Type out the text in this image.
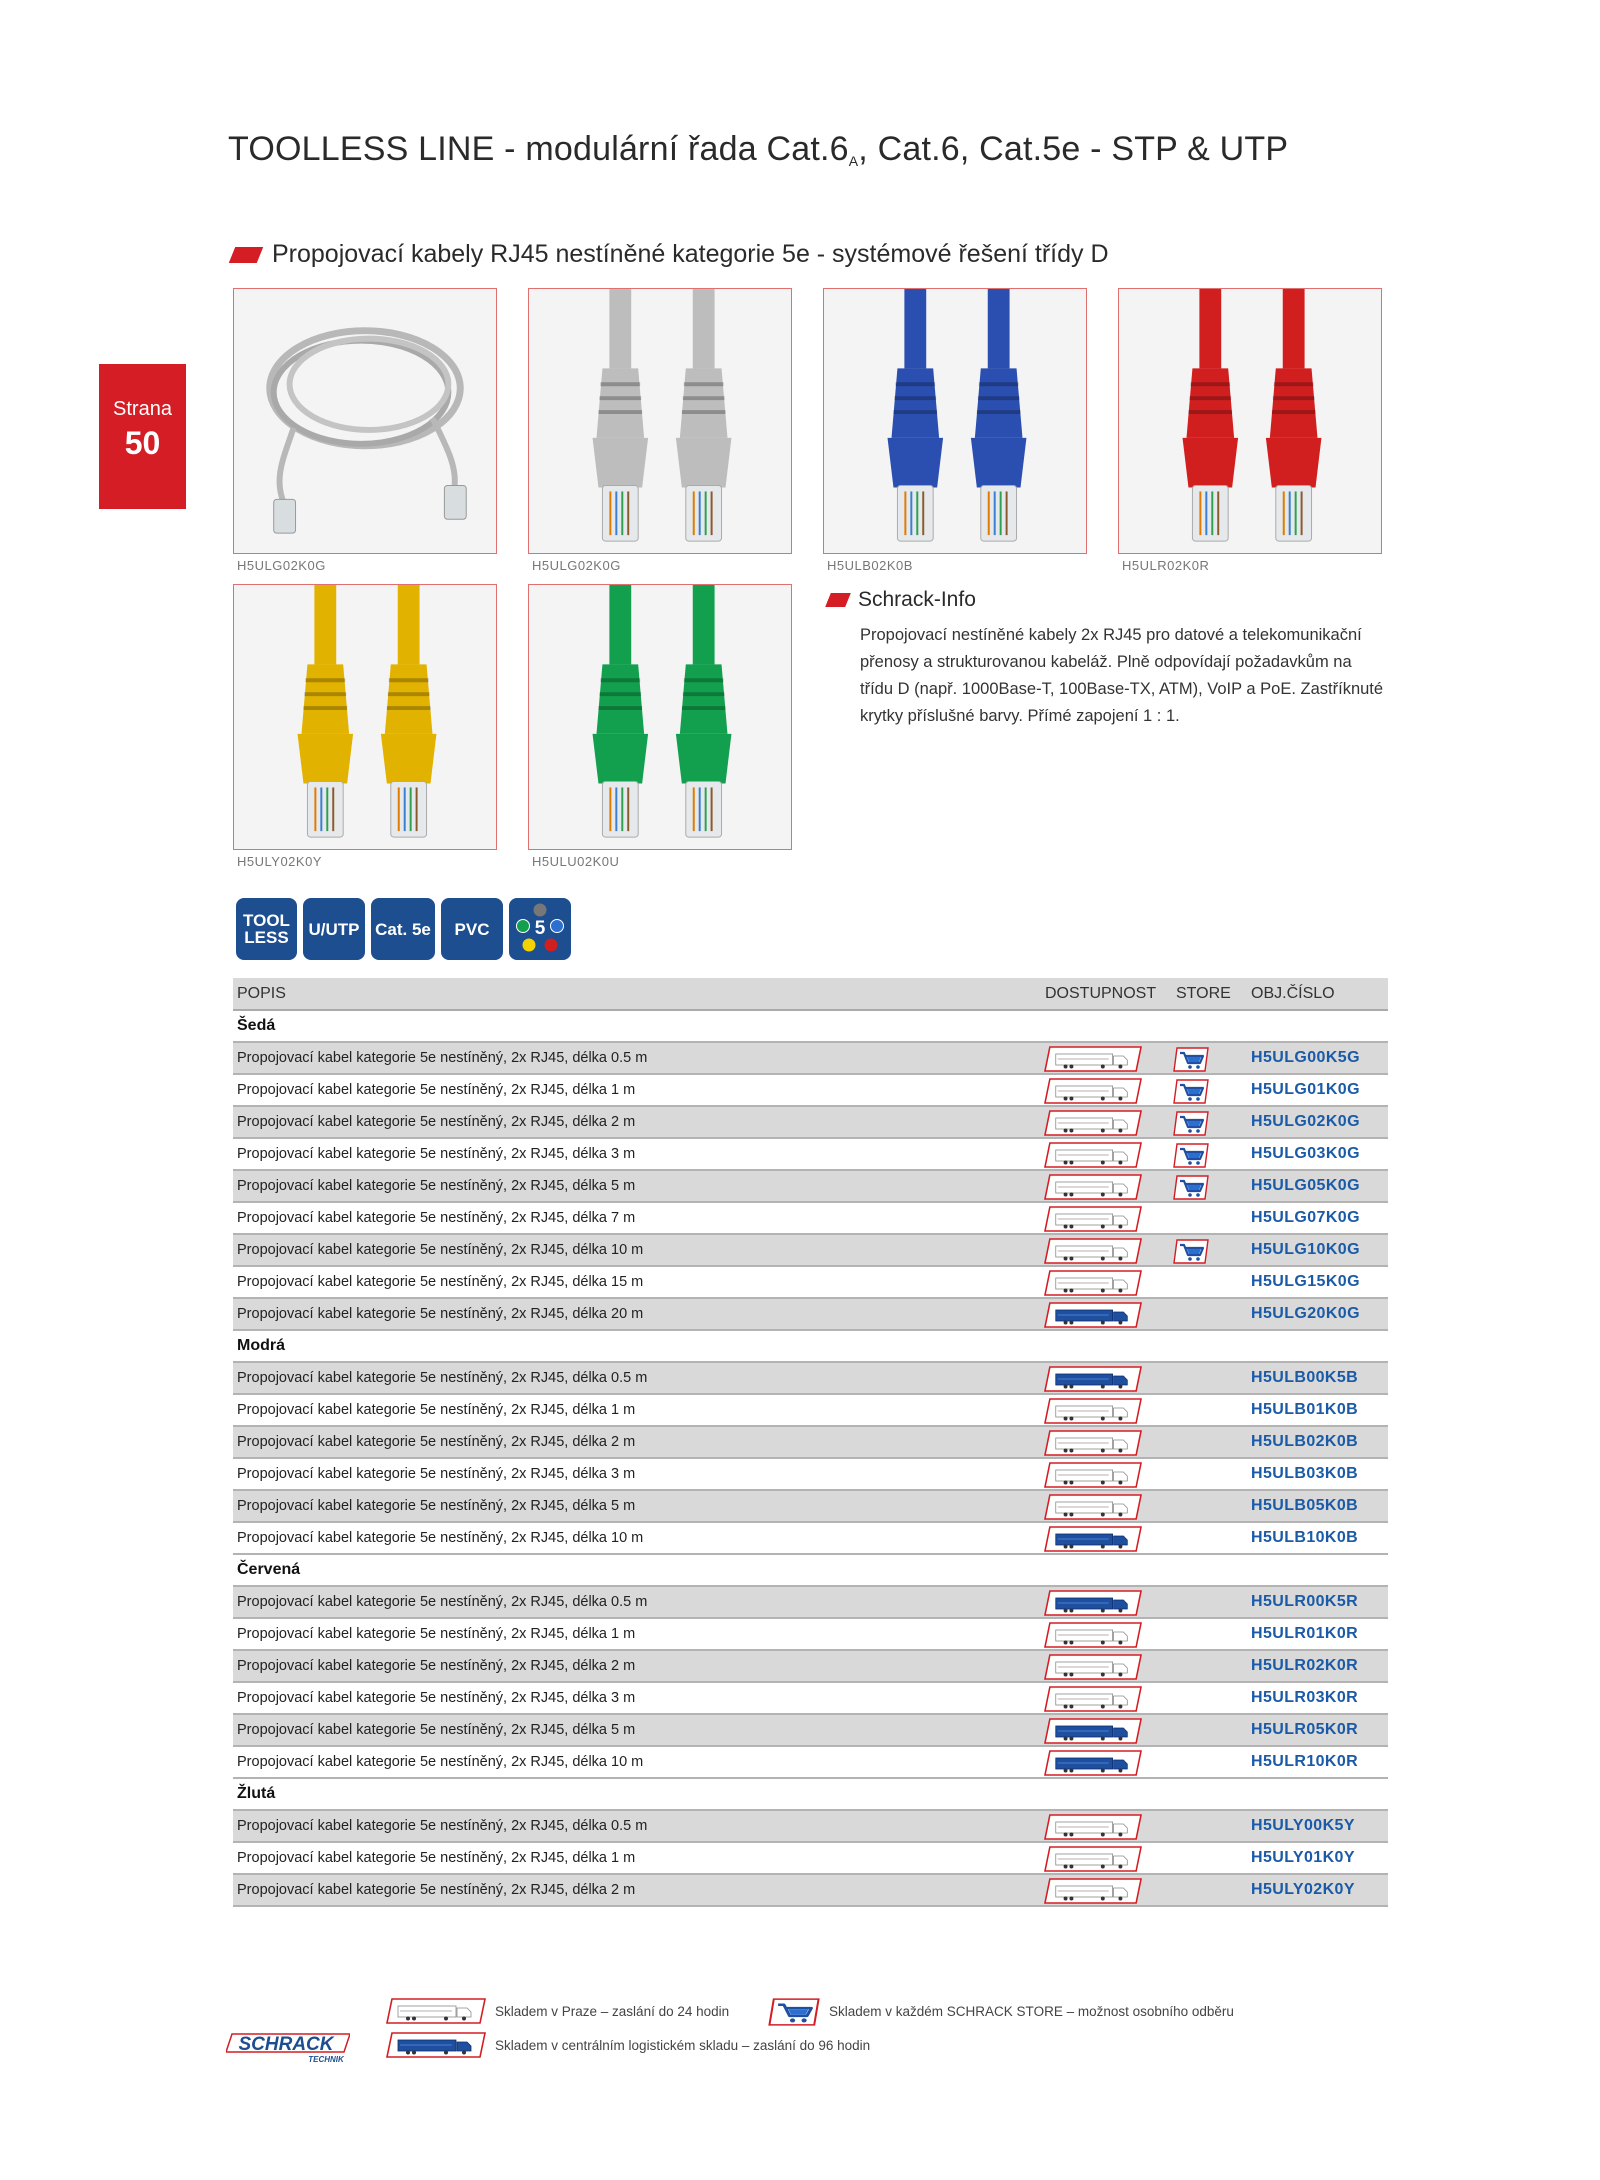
TOOLLESS LINE - modulární řada $Cat.6_A$, Cat.6, Cat.5e - STP & UTP
Strana
50
Propojovací kabely RJ45 nestíněné kategorie 5e - systémové řešení třídy D
H5ULG02K0G	H5ULG02K0G	H5ULB02K0B	H5ULR02K0R
H5ULY02K0Y	H5ULU02K0U
Schrack-Info

Propojovací nestíněné kabely 2x RJ45 pro datové a telekomunikační přenosy a strukturovanou kabeláž. Plně odpovídají požadavkům na třídu D (např. 1000Base-T, 100Base-TX, ATM), VoIP a PoE. Zastříknuté krytky příslušné barvy. Přímé zapojení 1 : 1.

TOOL
LESS	U/UTP Cat. 5e	PVC	5
POPIS	DOSTUPNOST STORE OBJ.ČÍSLO
Šedá
Propojovací kabel kategorie 5e nestíněný, 2x RJ45, délka 0.5 m	H5ULG00K5G
Propojovací kabel kategorie 5e nestíněný, 2x RJ45, délka 1 m	H5ULG01K0G
Propojovací kabel kategorie 5e nestíněný, 2x RJ45, délka 2 m	H5ULG02K0G
Propojovací kabel kategorie 5e nestíněný, 2x RJ45, délka 3 m	H5ULG03K0G
Propojovací kabel kategorie 5e nestíněný, 2x RJ45, délka 5 m	H5ULG05K0G
Propojovací kabel kategorie 5e nestíněný, 2x RJ45, délka 7 m	H5ULG07K0G
Propojovací kabel kategorie 5e nestíněný, 2x RJ45, délka 10 m	H5ULG10K0G
Propojovací kabel kategorie 5e nestíněný, 2x RJ45, délka 15 m	H5ULG15K0G
Propojovací kabel kategorie 5e nestíněný, 2x RJ45, délka 20 m	H5ULG20K0G
Modrá
Propojovací kabel kategorie 5e nestíněný, 2x RJ45, délka 0.5 m	H5ULB00K5B
Propojovací kabel kategorie 5e nestíněný, 2x RJ45, délka 1 m	H5ULB01K0B
Propojovací kabel kategorie 5e nestíněný, 2x RJ45, délka 2 m	H5ULB02K0B
Propojovací kabel kategorie 5e nestíněný, 2x RJ45, délka 3 m	H5ULB03K0B
Propojovací kabel kategorie 5e nestíněný, 2x RJ45, délka 5 m	H5ULB05K0B
Propojovací kabel kategorie 5e nestíněný, 2x RJ45, délka 10 m	H5ULB10K0B
Červená
Propojovací kabel kategorie 5e nestíněný, 2x RJ45, délka 0.5 m	H5ULR00K5R
Propojovací kabel kategorie 5e nestíněný, 2x RJ45, délka 1 m	H5ULR01K0R
Propojovací kabel kategorie 5e nestíněný, 2x RJ45, délka 2 m	H5ULR02K0R
Propojovací kabel kategorie 5e nestíněný, 2x RJ45, délka 3 m	H5ULR03K0R
Propojovací kabel kategorie 5e nestíněný, 2x RJ45, délka 5 m	H5ULR05K0R
Propojovací kabel kategorie 5e nestíněný, 2x RJ45, délka 10 m	H5ULR10K0R
Žlutá
Propojovací kabel kategorie 5e nestíněný, 2x RJ45, délka 0.5 m	H5ULY00K5Y
Propojovací kabel kategorie 5e nestíněný, 2x RJ45, délka 1 m	H5ULY01K0Y
Propojovací kabel kategorie 5e nestíněný, 2x RJ45, délka 2 m	H5ULY02K0Y
Skladem v Praze – zaslání do 24 hodin	Skladem v každém SCHRACK STORE – možnost osobního odběru
Skladem v centrálním logistickém skladu – zaslání do 96 hodin
SCHRACK
TECHNIK
